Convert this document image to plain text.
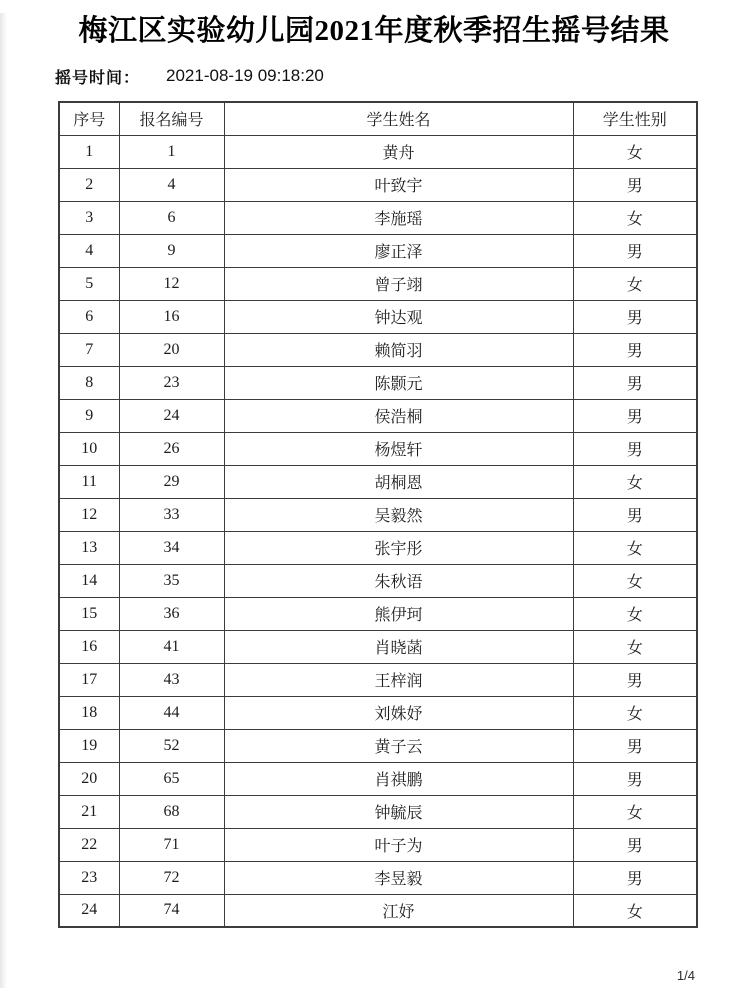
梅江区实验幼儿园2021年度秋季招生摇号结果
摇号时间： 2021-08-19 09:18:20
序号	报名编号	学生姓名	学生性别
1	1	黄舟	女
2	4	叶致宇	男
3	6	李施瑶	女
4	9	廖正泽	男
5	12	曾子翊	女
6	16	钟达观	男
7	20	赖简羽	男
8	23	陈颢元	男
9	24	侯浩桐	男
10	26	杨煜轩	男
11	29	胡桐恩	女
12	33	吴毅然	男
13	34	张宇彤	女
14	35	朱秋语	女
15	36	熊伊珂	女
16	41	肖晓菡	女
17	43	王梓润	男
18	44	刘姝妤	女
19	52	黄子云	男
20	65	肖祺鹏	男
21	68	钟毓辰	女
22	71	叶子为	男
23	72	李昱毅	男
24	74	江妤	女
1/4
